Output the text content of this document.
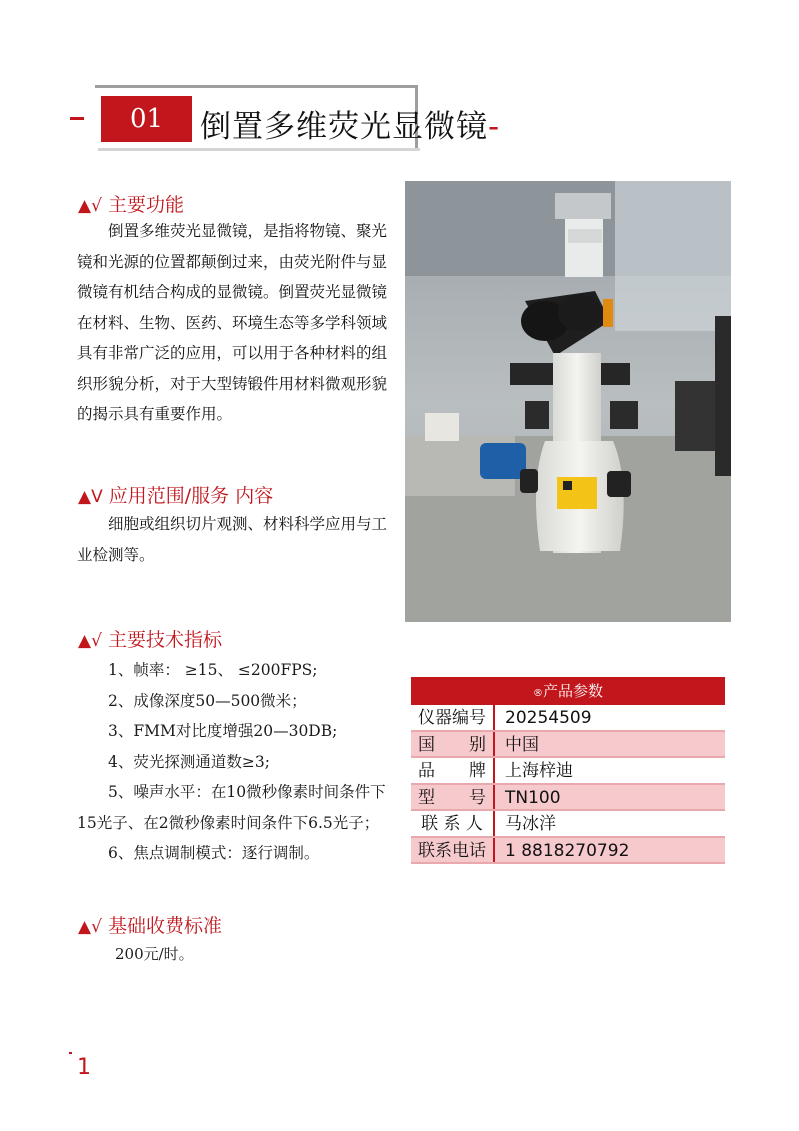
01	倒置多维荧光显微镜-
▲√ 主要功能
倒置多维荧光显微镜，是指将物镜、聚光镜和光源的位置都颠倒过来，由荧光附件与显微镜有机结合构成的显微镜。倒置荧光显微镜在材料、生物、医药、环境生态等多学科领域具有非常广泛的应用，可以用于各种材料的组织形貌分析，对于大型铸锻件用材料微观形貌的揭示具有重要作用。
▲V 应用范围/服务 内容
细胞或组织切片观测、材料科学应用与工业检测等。
▲√ 主要技术指标

1、帧率： ≥15、 ≤200FPS;

2、成像深度50—500微米；

3、FMM对比度增强20—30DB;

4、荧光探测通道数≥3;

5、噪声水平：在10微秒像素时间条件下15光子、在2微秒像素时间条件下6.5光子；

6、焦点调制模式：逐行调制。

▲√ 基础收费标准
200元/时。
®产品参数
仪器编号	20254509
国　　别	中国
品　　牌	上海梓迪
型　　号	TN100
联 系 人	马冰洋
联系电话	1 8818270792
1
